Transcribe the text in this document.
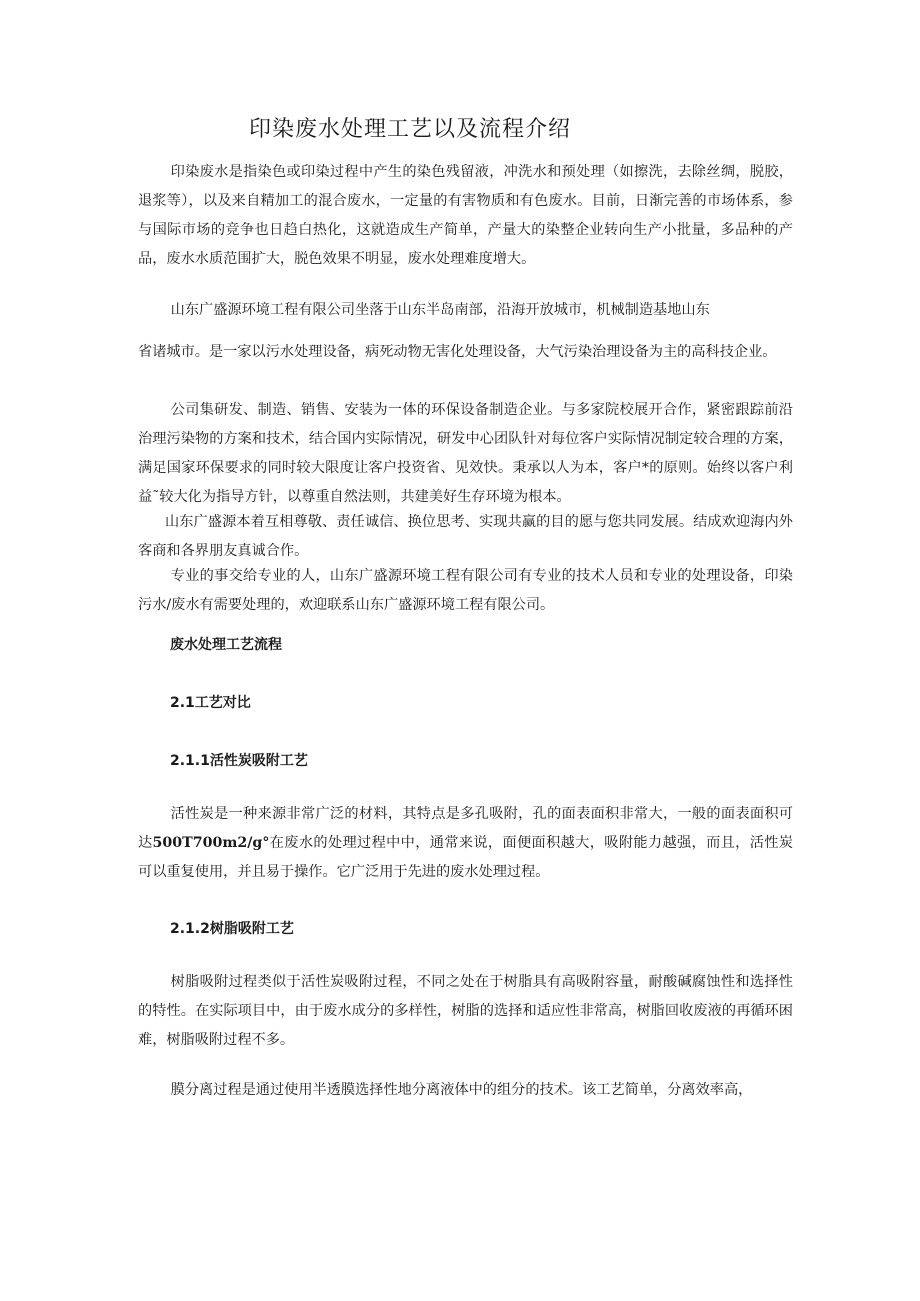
印染废水处理工艺以及流程介绍

印染废水是指染色或印染过程中产生的染色残留液，冲洗水和预处理（如擦洗，去除丝绸，脱胶，退浆等），以及来自精加工的混合废水，一定量的有害物质和有色废水。目前，日渐完善的市场体系，参与国际市场的竞争也日趋白热化，这就造成生产简单，产量大的染整企业转向生产小批量，多品种的产品，废水水质范围扩大，脱色效果不明显，废水处理难度增大。

山东广盛源环境工程有限公司坐落于山东半岛南部，沿海开放城市，机械制造基地山东

省诸城市。是一家以污水处理设备，病死动物无害化处理设备，大气污染治理设备为主的高科技企业。

公司集研发、制造、销售、安装为一体的环保设备制造企业。与多家院校展开合作，紧密跟踪前沿治理污染物的方案和技术，结合国内实际情况，研发中心团队针对每位客户实际情况制定较合理的方案，满足国家环保要求的同时较大限度让客户投资省、见效快。秉承以人为本，客户*的原则。始终以客户利益˜较大化为指导方针，以尊重自然法则，共建美好生存环境为根本。

山东广盛源本着互相尊敬、责任诚信、换位思考、实现共赢的目的愿与您共同发展。结成欢迎海内外客商和各界朋友真诚合作。

专业的事交给专业的人，山东广盛源环境工程有限公司有专业的技术人员和专业的处理设备，印染污水/废水有需要处理的，欢迎联系山东广盛源环境工程有限公司。

废水处理工艺流程
2.1工艺对比
2.1.1活性炭吸附工艺

活性炭是一种来源非常广泛的材料，其特点是多孔吸附，孔的面表面积非常大，一般的面表面积可达500T700m2/g°在废水的处理过程中中，通常来说，面便面积越大，吸附能力越强，而且，活性炭可以重复使用，并且易于操作。它广泛用于先进的废水处理过程。

2.1.2树脂吸附工艺

树脂吸附过程类似于活性炭吸附过程，不同之处在于树脂具有高吸附容量，耐酸碱腐蚀性和选择性的特性。在实际项目中，由于废水成分的多样性，树脂的选择和适应性非常高，树脂回收废液的再循环困难，树脂吸附过程不多。

膜分离过程是通过使用半透膜选择性地分离液体中的组分的技术。该工艺简单，分离效率高，
